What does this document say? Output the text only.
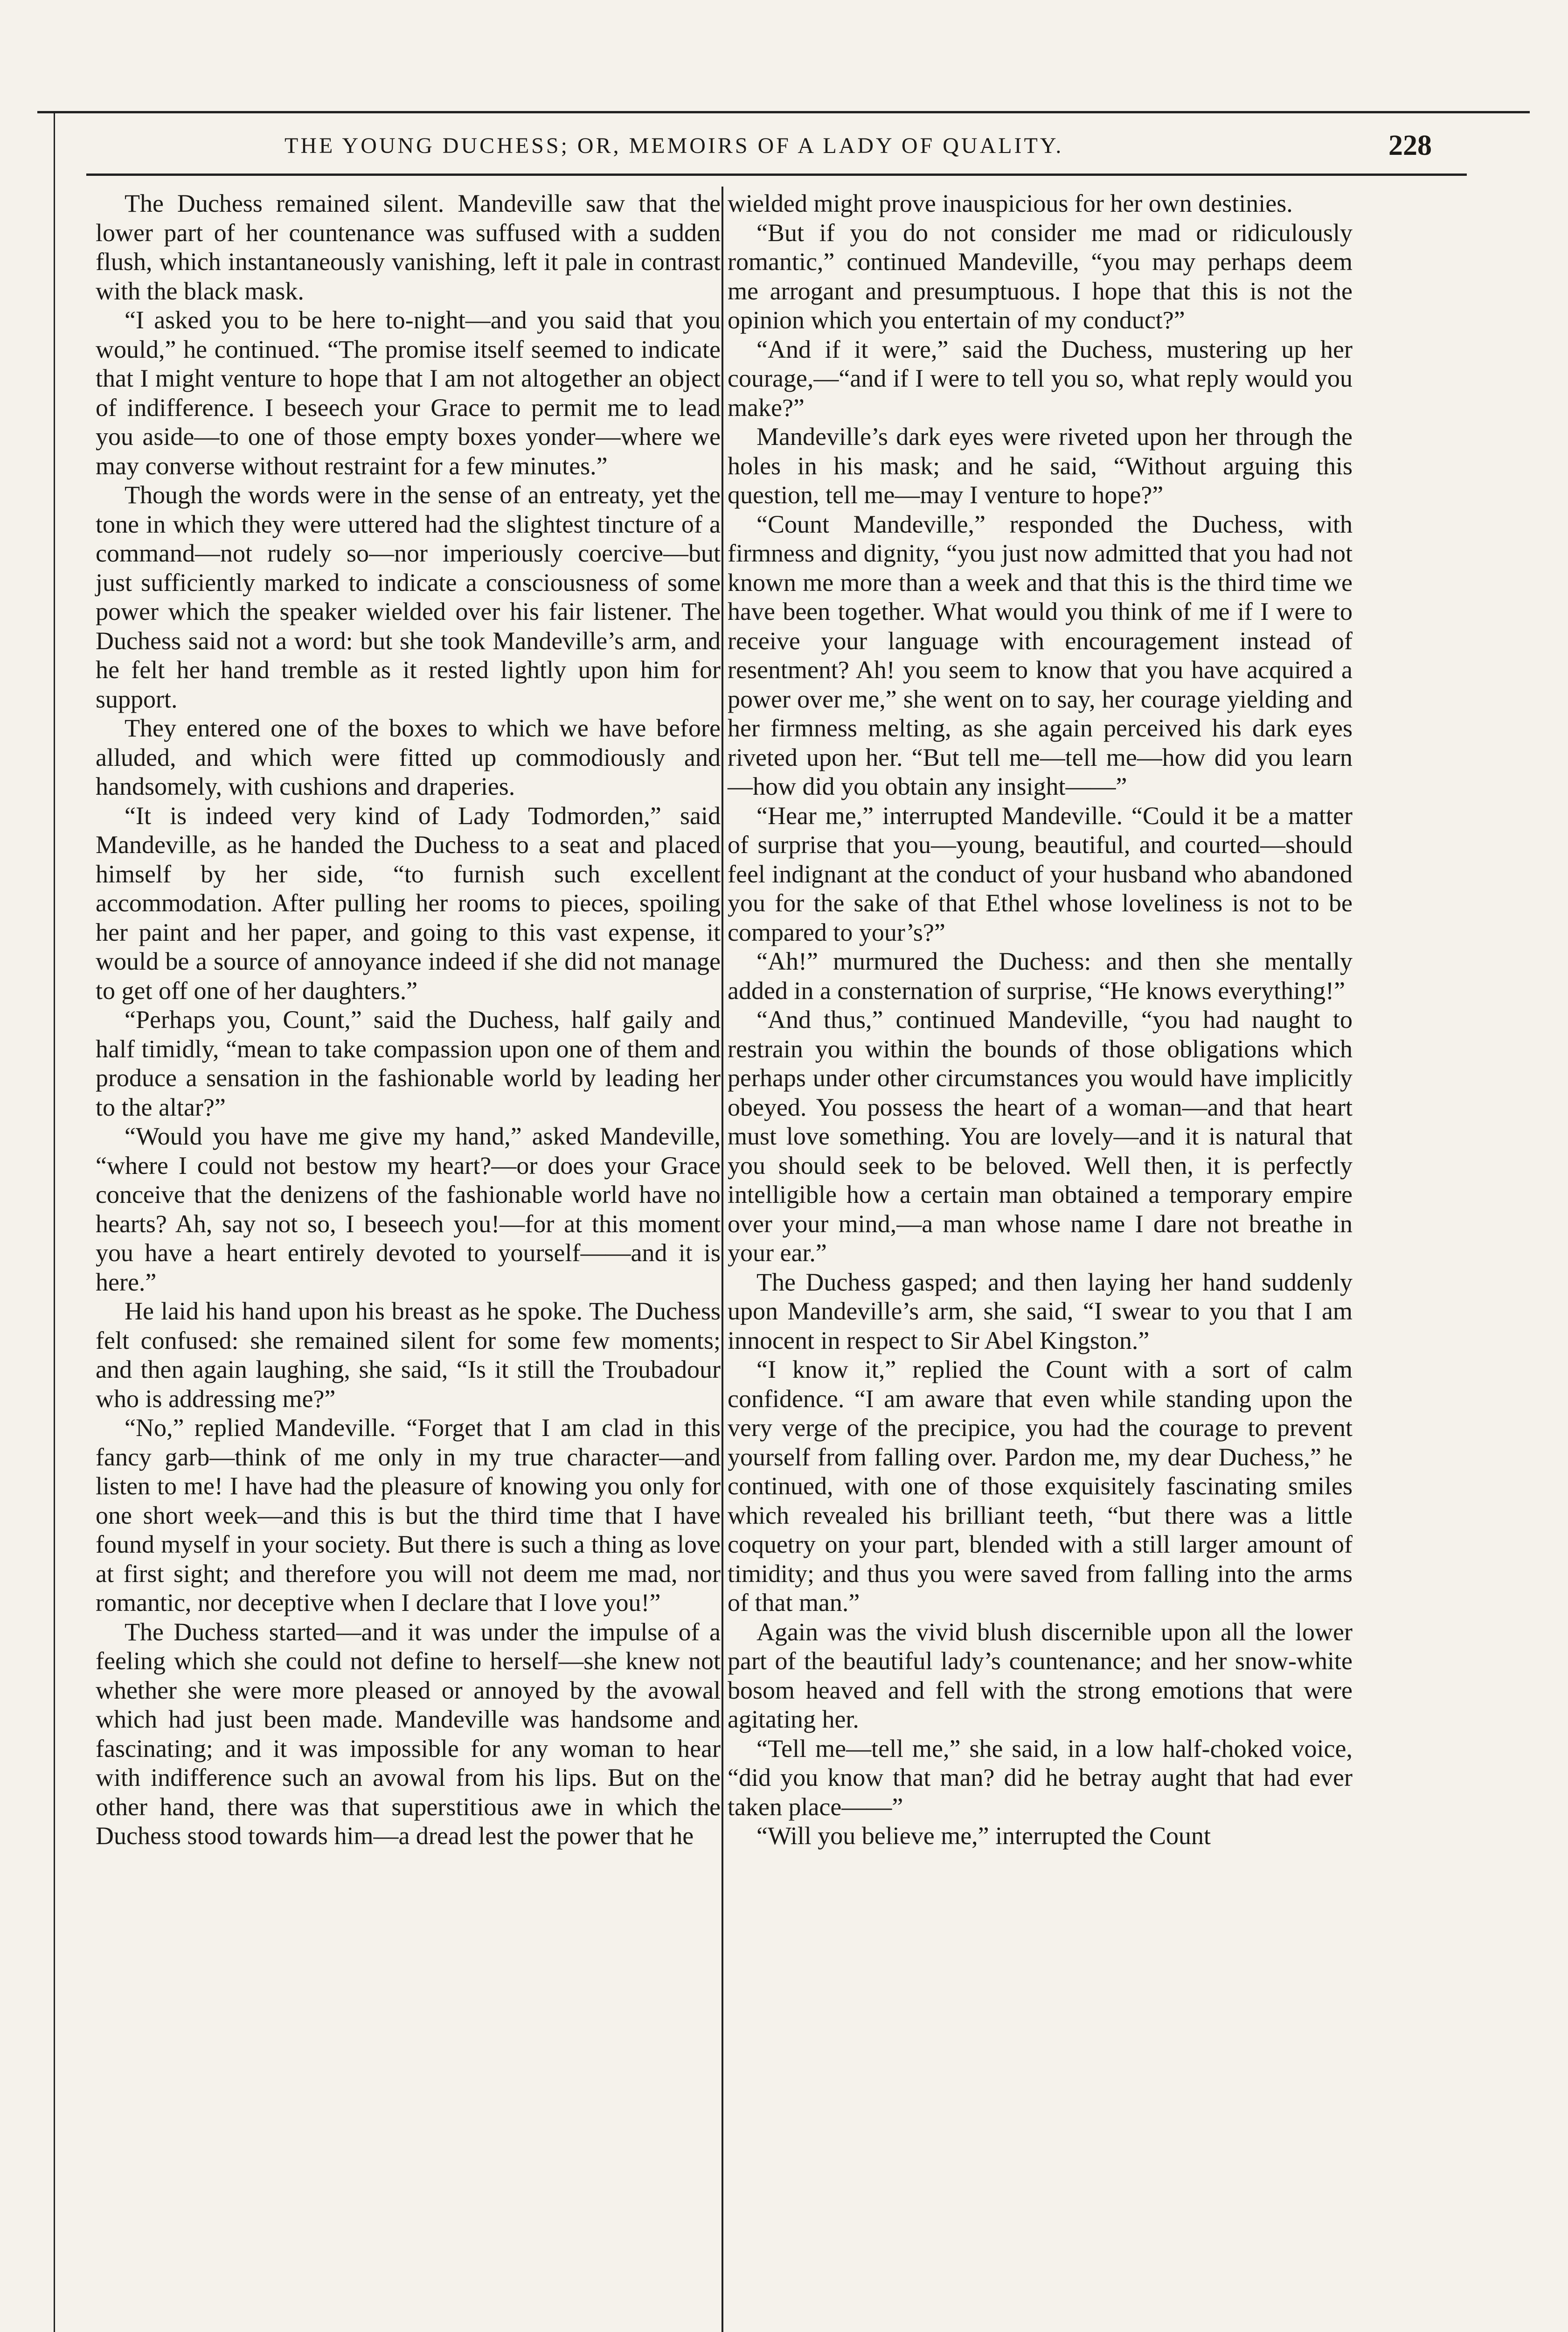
THE YOUNG DUCHESS; OR, MEMOIRS OF A LADY OF QUALITY.	228

The Duchess remained silent. Mandeville saw that the lower part of her countenance was suffused with a sudden flush, which instantaneously vanishing, left it pale in contrast with the black mask.

“I asked you to be here to-night—and you said that you would,” he continued. “The promise itself seemed to indicate that I might venture to hope that I am not altogether an object of indifference. I beseech your Grace to permit me to lead you aside—to one of those empty boxes yonder—where we may converse without restraint for a few minutes.”

Though the words were in the sense of an entreaty, yet the tone in which they were uttered had the slightest tincture of a command—not rudely so—nor imperiously coercive—but just sufficiently marked to indicate a consciousness of some power which the speaker wielded over his fair listener. The Duchess said not a word: but she took Mandeville’s arm, and he felt her hand tremble as it rested lightly upon him for support.

They entered one of the boxes to which we have before alluded, and which were fitted up commodiously and handsomely, with cushions and draperies.

“It is indeed very kind of Lady Todmorden,” said Mandeville, as he handed the Duchess to a seat and placed himself by her side, “to furnish such excellent accommodation. After pulling her rooms to pieces, spoiling her paint and her paper, and going to this vast expense, it would be a source of annoyance indeed if she did not manage to get off one of her daughters.”

“Perhaps you, Count,” said the Duchess, half gaily and half timidly, “mean to take compassion upon one of them and produce a sensation in the fashionable world by leading her to the altar?”

“Would you have me give my hand,” asked Mandeville, “where I could not bestow my heart?—or does your Grace conceive that the denizens of the fashionable world have no hearts? Ah, say not so, I beseech you!—for at this moment you have a heart entirely devoted to yourself——and it is here.”

He laid his hand upon his breast as he spoke. The Duchess felt confused: she remained silent for some few moments; and then again laughing, she said, “Is it still the Troubadour who is addressing me?”

“No,” replied Mandeville. “Forget that I am clad in this fancy garb—think of me only in my true character—and listen to me! I have had the pleasure of knowing you only for one short week—and this is but the third time that I have found myself in your society. But there is such a thing as love at first sight; and therefore you will not deem me mad, nor romantic, nor deceptive when I declare that I love you!”

The Duchess started—and it was under the impulse of a feeling which she could not define to herself—she knew not whether she were more pleased or annoyed by the avowal which had just been made. Mandeville was handsome and fascinating; and it was impossible for any woman to hear with indifference such an avowal from his lips. But on the other hand, there was that superstitious awe in which the Duchess stood towards him—a dread lest the power that he

wielded might prove inauspicious for her own destinies.

“But if you do not consider me mad or ridiculously romantic,” continued Mandeville, “you may perhaps deem me arrogant and presumptuous. I hope that this is not the opinion which you entertain of my conduct?”

“And if it were,” said the Duchess, mustering up her courage,—“and if I were to tell you so, what reply would you make?”

Mandeville’s dark eyes were riveted upon her through the holes in his mask; and he said, “Without arguing this question, tell me—may I venture to hope?”

“Count Mandeville,” responded the Duchess, with firmness and dignity, “you just now admitted that you had not known me more than a week and that this is the third time we have been together. What would you think of me if I were to receive your language with encouragement instead of resentment? Ah! you seem to know that you have acquired a power over me,” she went on to say, her courage yielding and her firmness melting, as she again perceived his dark eyes riveted upon her. “But tell me—tell me—how did you learn—how did you obtain any insight——”

“Hear me,” interrupted Mandeville. “Could it be a matter of surprise that you—young, beautiful, and courted—should feel indignant at the conduct of your husband who abandoned you for the sake of that Ethel whose loveliness is not to be compared to your’s?”

“Ah!” murmured the Duchess: and then she mentally added in a consternation of surprise, “He knows everything!”

“And thus,” continued Mandeville, “you had naught to restrain you within the bounds of those obligations which perhaps under other circumstances you would have implicitly obeyed. You possess the heart of a woman—and that heart must love something. You are lovely—and it is natural that you should seek to be beloved. Well then, it is perfectly intelligible how a certain man obtained a temporary empire over your mind,—a man whose name I dare not breathe in your ear.”

The Duchess gasped; and then laying her hand suddenly upon Mandeville’s arm, she said, “I swear to you that I am innocent in respect to Sir Abel Kingston.”

“I know it,” replied the Count with a sort of calm confidence. “I am aware that even while standing upon the very verge of the precipice, you had the courage to prevent yourself from falling over. Pardon me, my dear Duchess,” he continued, with one of those exquisitely fascinating smiles which revealed his brilliant teeth, “but there was a little coquetry on your part, blended with a still larger amount of timidity; and thus you were saved from falling into the arms of that man.”

Again was the vivid blush discernible upon all the lower part of the beautiful lady’s countenance; and her snow-white bosom heaved and fell with the strong emotions that were agitating her.

“Tell me—tell me,” she said, in a low half-choked voice, “did you know that man? did he betray aught that had ever taken place——”

“Will you believe me,” interrupted the Count
